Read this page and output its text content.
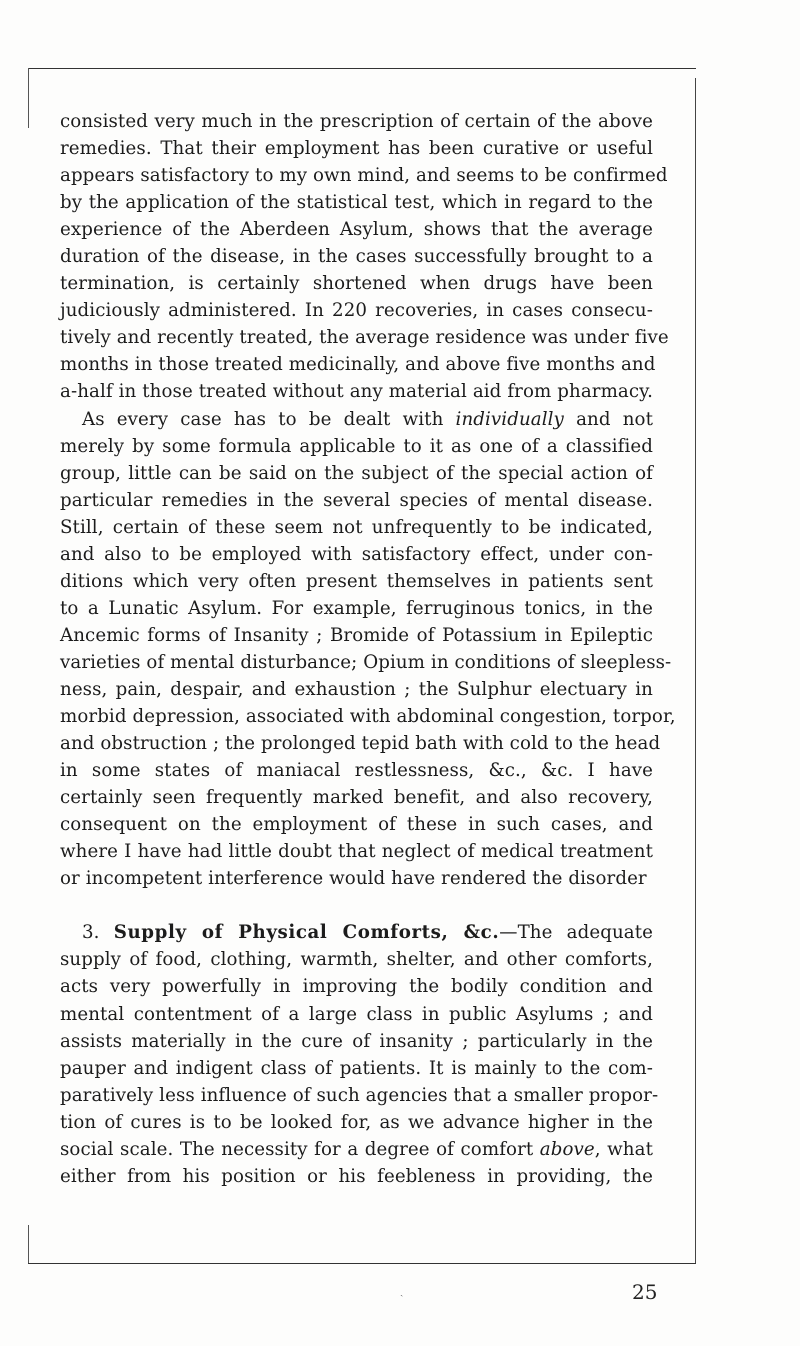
consisted very much in the prescription of certain of the above
remedies. That their employment has been curative or useful
appears satisfactory to my own mind, and seems to be confirmed
by the application of the statistical test, which in regard to the
experience of the Aberdeen Asylum, shows that the average
duration of the disease, in the cases successfully brought to a
termination, is certainly shortened when drugs have been
judiciously administered. In 220 recoveries, in cases consecu-
tively and recently treated, the average residence was under five
months in those treated medicinally, and above five months and
a-half in those treated without any material aid from pharmacy.
As every case has to be dealt with individually and not
merely by some formula applicable to it as one of a classified
group, little can be said on the subject of the special action of
particular remedies in the several species of mental disease.
Still, certain of these seem not unfrequently to be indicated,
and also to be employed with satisfactory effect, under con-
ditions which very often present themselves in patients sent
to a Lunatic Asylum. For example, ferruginous tonics, in the
Ancemic forms of Insanity ; Bromide of Potassium in Epileptic
varieties of mental disturbance; Opium in conditions of sleepless-
ness, pain, despair, and exhaustion ; the Sulphur electuary in
morbid depression, associated with abdominal congestion, torpor,
and obstruction ; the prolonged tepid bath with cold to the head
in some states of maniacal restlessness, &c., &c. I have
certainly seen frequently marked benefit, and also recovery,
consequent on the employment of these in such cases, and
where I have had little doubt that neglect of medical treatment
or incompetent interference would have rendered the disorder
3. Supply of Physical Comforts, &c.—The adequate
supply of food, clothing, warmth, shelter, and other comforts,
acts very powerfully in improving the bodily condition and
mental contentment of a large class in public Asylums ; and
assists materially in the cure of insanity ; particularly in the
pauper and indigent class of patients. It is mainly to the com-
paratively less influence of such agencies that a smaller propor-
tion of cures is to be looked for, as we advance higher in the
social scale. The necessity for a degree of comfort above, what
either from his position or his feebleness in providing, the
ˎ	25
